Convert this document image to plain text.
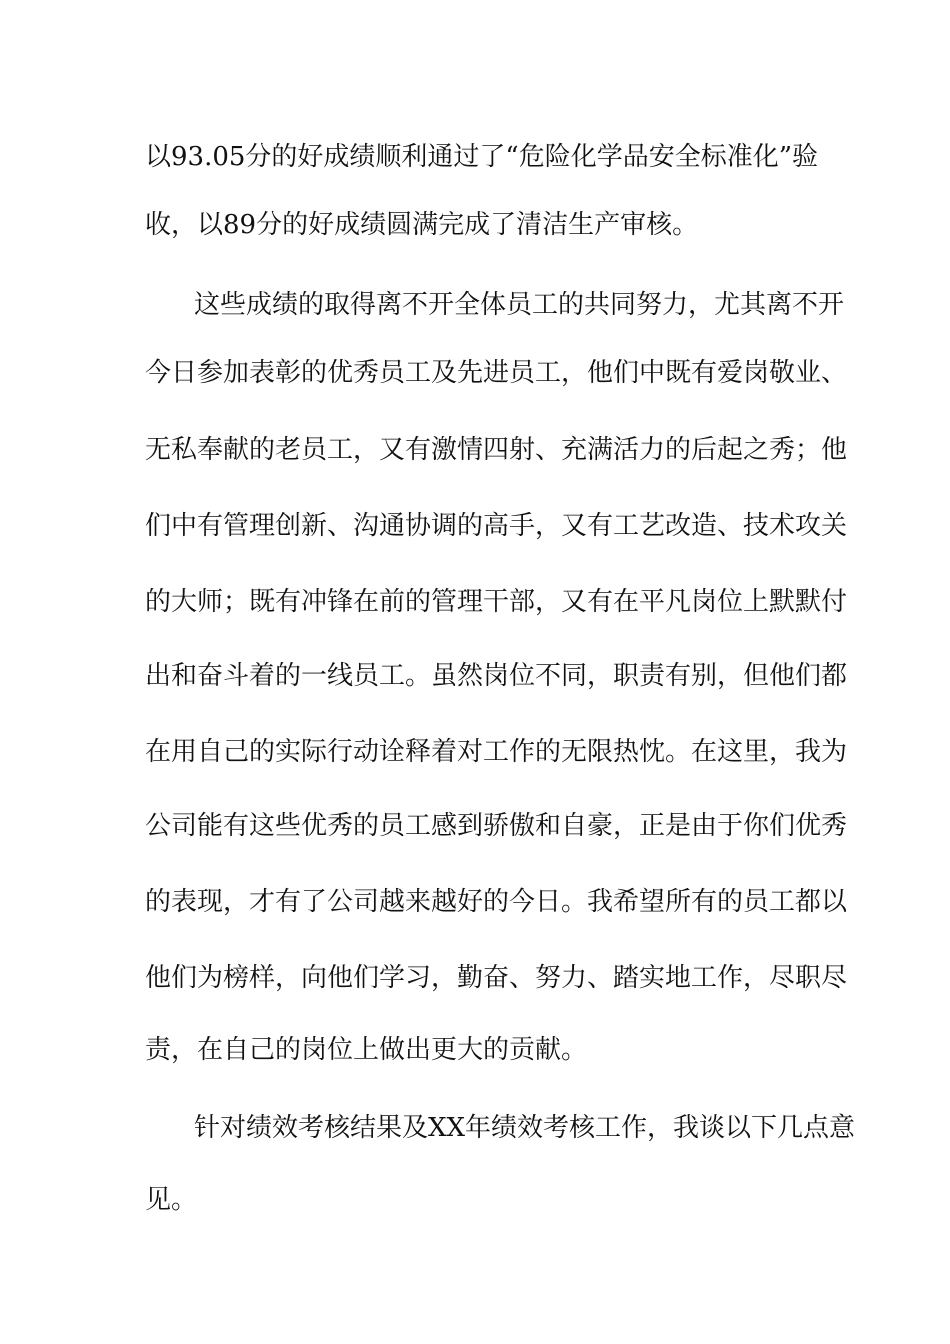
以93.05分的好成绩顺利通过了“危险化学品安全标准化”验
收，以89分的好成绩圆满完成了清洁生产审核。
这些成绩的取得离不开全体员工的共同努力，尤其离不开
今日参加表彰的优秀员工及先进员工，他们中既有爱岗敬业、
无私奉献的老员工，又有激情四射、充满活力的后起之秀；他
们中有管理创新、沟通协调的高手，又有工艺改造、技术攻关
的大师；既有冲锋在前的管理干部，又有在平凡岗位上默默付
出和奋斗着的一线员工。虽然岗位不同，职责有别，但他们都
在用自己的实际行动诠释着对工作的无限热忱。在这里，我为
公司能有这些优秀的员工感到骄傲和自豪，正是由于你们优秀
的表现，才有了公司越来越好的今日。我希望所有的员工都以
他们为榜样，向他们学习，勤奋、努力、踏实地工作，尽职尽
责，在自己的岗位上做出更大的贡献。
针对绩效考核结果及XX年绩效考核工作，我谈以下几点意
见。
